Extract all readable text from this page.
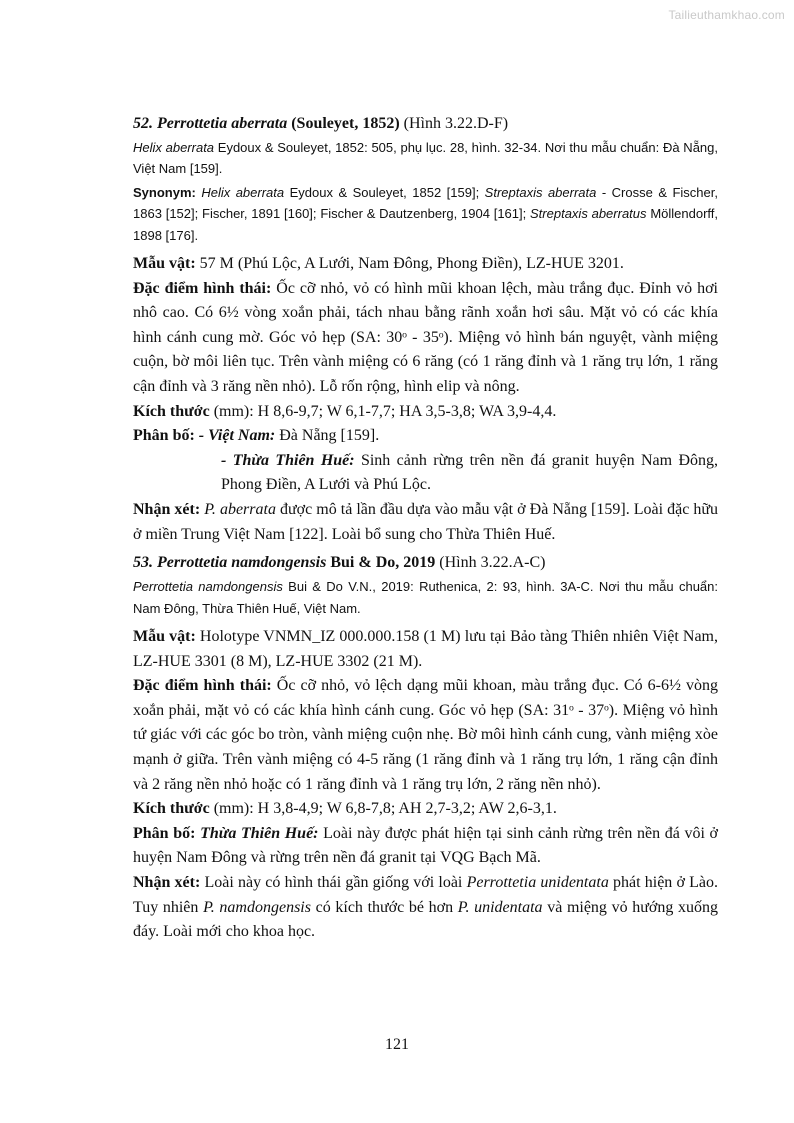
Tailieuthamkhao.com

52. Perrottetia aberrata (Souleyet, 1852) (Hình 3.22.D-F)

Helix aberrata Eydoux & Souleyet, 1852: 505, phụ lục. 28, hình. 32-34. Nơi thu mẫu chuẩn: Đà Nẵng, Việt Nam [159].

Synonym: Helix aberrata Eydoux & Souleyet, 1852 [159]; Streptaxis aberrata - Crosse & Fischer, 1863 [152]; Fischer, 1891 [160]; Fischer & Dautzenberg, 1904 [161]; Streptaxis aberratus Möllendorff, 1898 [176].

Mẫu vật: 57 M (Phú Lộc, A Lưới, Nam Đông, Phong Điền), LZ-HUE 3201.

Đặc điểm hình thái: Ốc cỡ nhỏ, vỏ có hình mũi khoan lệch, màu trắng đục. Đỉnh vỏ hơi nhô cao. Có 6½ vòng xoắn phải, tách nhau bằng rãnh xoắn hơi sâu. Mặt vỏ có các khía hình cánh cung mờ. Góc vỏ hẹp (SA: 30ᵒ - 35ᵒ). Miệng vỏ hình bán nguyệt, vành miệng cuộn, bờ môi liên tục. Trên vành miệng có 6 răng (có 1 răng đỉnh và 1 răng trụ lớn, 1 răng cận đỉnh và 3 răng nền nhỏ). Lỗ rốn rộng, hình elip và nông.

Kích thước (mm): H 8,6-9,7; W 6,1-7,7; HA 3,5-3,8; WA 3,9-4,4.

Phân bố: - Việt Nam: Đà Nẵng [159].

- Thừa Thiên Huế: Sinh cảnh rừng trên nền đá granit huyện Nam Đông, Phong Điền, A Lưới và Phú Lộc.

Nhận xét: P. aberrata được mô tả lần đầu dựa vào mẫu vật ở Đà Nẵng [159]. Loài đặc hữu ở miền Trung Việt Nam [122]. Loài bổ sung cho Thừa Thiên Huế.

53. Perrottetia namdongensis Bui & Do, 2019 (Hình 3.22.A-C)

Perrottetia namdongensis Bui & Do V.N., 2019: Ruthenica, 2: 93, hình. 3A-C. Nơi thu mẫu chuẩn: Nam Đông, Thừa Thiên Huế, Việt Nam.

Mẫu vật: Holotype VNMN_IZ 000.000.158 (1 M) lưu tại Bảo tàng Thiên nhiên Việt Nam, LZ-HUE 3301 (8 M), LZ-HUE 3302 (21 M).

Đặc điểm hình thái: Ốc cỡ nhỏ, vỏ lệch dạng mũi khoan, màu trắng đục. Có 6-6½ vòng xoắn phải, mặt vỏ có các khía hình cánh cung. Góc vỏ hẹp (SA: 31ᵒ - 37ᵒ). Miệng vỏ hình tứ giác với các góc bo tròn, vành miệng cuộn nhẹ. Bờ môi hình cánh cung, vành miệng xòe mạnh ở giữa. Trên vành miệng có 4-5 răng (1 răng đỉnh và 1 răng trụ lớn, 1 răng cận đỉnh và 2 răng nền nhỏ hoặc có 1 răng đỉnh và 1 răng trụ lớn, 2 răng nền nhỏ).

Kích thước (mm): H 3,8-4,9; W 6,8-7,8; AH 2,7-3,2; AW 2,6-3,1.

Phân bố: Thừa Thiên Huế: Loài này được phát hiện tại sinh cảnh rừng trên nền đá vôi ở huyện Nam Đông và rừng trên nền đá granit tại VQG Bạch Mã.

Nhận xét: Loài này có hình thái gần giống với loài Perrottetia unidentata phát hiện ở Lào. Tuy nhiên P. namdongensis có kích thước bé hơn P. unidentata và miệng vỏ hướng xuống đáy. Loài mới cho khoa học.

121
